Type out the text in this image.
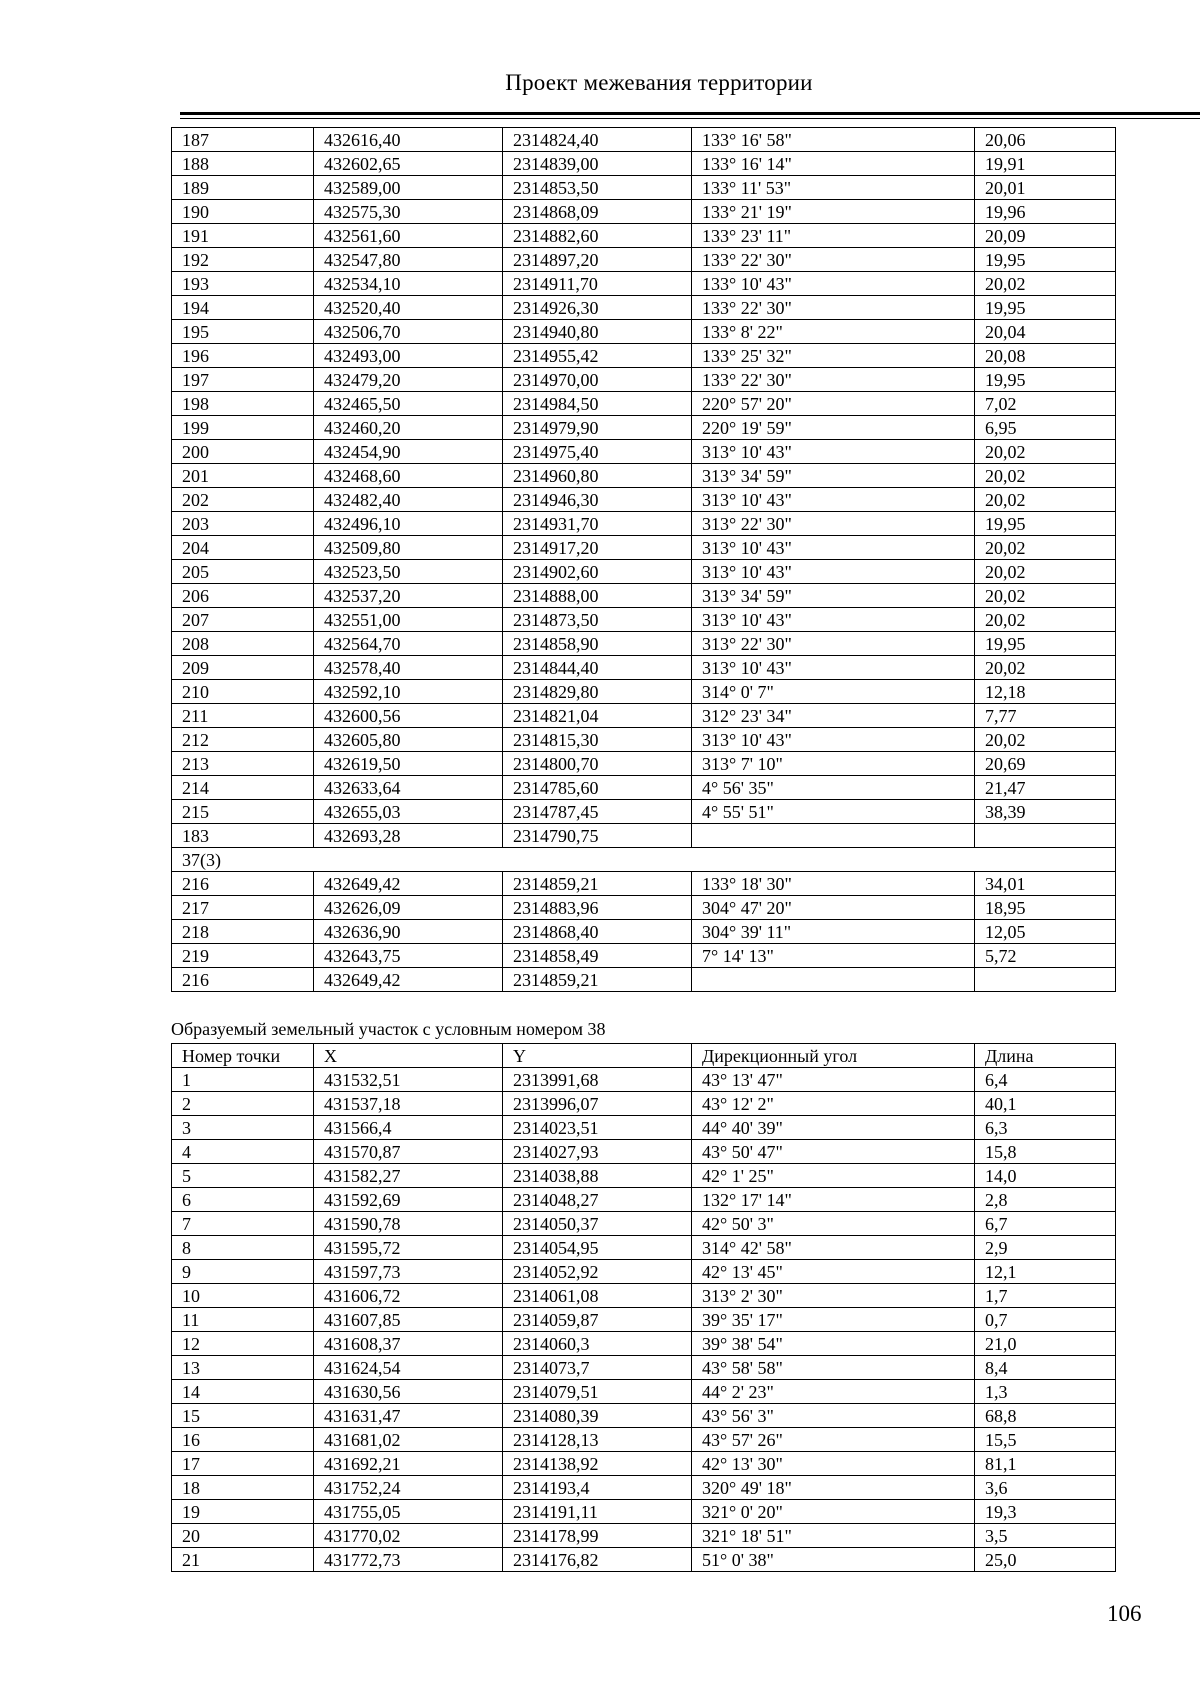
Проект межевания территории
187	432616,40	2314824,40	133° 16' 58"	20,06
188	432602,65	2314839,00	133° 16' 14"	19,91
189	432589,00	2314853,50	133° 11' 53"	20,01
190	432575,30	2314868,09	133° 21' 19"	19,96
191	432561,60	2314882,60	133° 23' 11"	20,09
192	432547,80	2314897,20	133° 22' 30"	19,95
193	432534,10	2314911,70	133° 10' 43"	20,02
194	432520,40	2314926,30	133° 22' 30"	19,95
195	432506,70	2314940,80	133° 8' 22"	20,04
196	432493,00	2314955,42	133° 25' 32"	20,08
197	432479,20	2314970,00	133° 22' 30"	19,95
198	432465,50	2314984,50	220° 57' 20"	7,02
199	432460,20	2314979,90	220° 19' 59"	6,95
200	432454,90	2314975,40	313° 10' 43"	20,02
201	432468,60	2314960,80	313° 34' 59"	20,02
202	432482,40	2314946,30	313° 10' 43"	20,02
203	432496,10	2314931,70	313° 22' 30"	19,95
204	432509,80	2314917,20	313° 10' 43"	20,02
205	432523,50	2314902,60	313° 10' 43"	20,02
206	432537,20	2314888,00	313° 34' 59"	20,02
207	432551,00	2314873,50	313° 10' 43"	20,02
208	432564,70	2314858,90	313° 22' 30"	19,95
209	432578,40	2314844,40	313° 10' 43"	20,02
210	432592,10	2314829,80	314° 0' 7"	12,18
211	432600,56	2314821,04	312° 23' 34"	7,77
212	432605,80	2314815,30	313° 10' 43"	20,02
213	432619,50	2314800,70	313° 7' 10"	20,69
214	432633,64	2314785,60	4° 56' 35"	21,47
215	432655,03	2314787,45	4° 55' 51"	38,39
183	432693,28	2314790,75		
37(3)				
216	432649,42	2314859,21	133° 18' 30"	34,01
217	432626,09	2314883,96	304° 47' 20"	18,95
218	432636,90	2314868,40	304° 39' 11"	12,05
219	432643,75	2314858,49	7° 14' 13"	5,72
216	432649,42	2314859,21		
Образуемый земельный участок с условным номером 38
Номер точки	X	Y	Дирекционный угол	Длина
1	431532,51	2313991,68	43° 13' 47"	6,4
2	431537,18	2313996,07	43° 12' 2"	40,1
3	431566,4	2314023,51	44° 40' 39"	6,3
4	431570,87	2314027,93	43° 50' 47"	15,8
5	431582,27	2314038,88	42° 1' 25"	14,0
6	431592,69	2314048,27	132° 17' 14"	2,8
7	431590,78	2314050,37	42° 50' 3"	6,7
8	431595,72	2314054,95	314° 42' 58"	2,9
9	431597,73	2314052,92	42° 13' 45"	12,1
10	431606,72	2314061,08	313° 2' 30"	1,7
11	431607,85	2314059,87	39° 35' 17"	0,7
12	431608,37	2314060,3	39° 38' 54"	21,0
13	431624,54	2314073,7	43° 58' 58"	8,4
14	431630,56	2314079,51	44° 2' 23"	1,3
15	431631,47	2314080,39	43° 56' 3"	68,8
16	431681,02	2314128,13	43° 57' 26"	15,5
17	431692,21	2314138,92	42° 13' 30"	81,1
18	431752,24	2314193,4	320° 49' 18"	3,6
19	431755,05	2314191,11	321° 0' 20"	19,3
20	431770,02	2314178,99	321° 18' 51"	3,5
21	431772,73	2314176,82	51° 0' 38"	25,0
106
